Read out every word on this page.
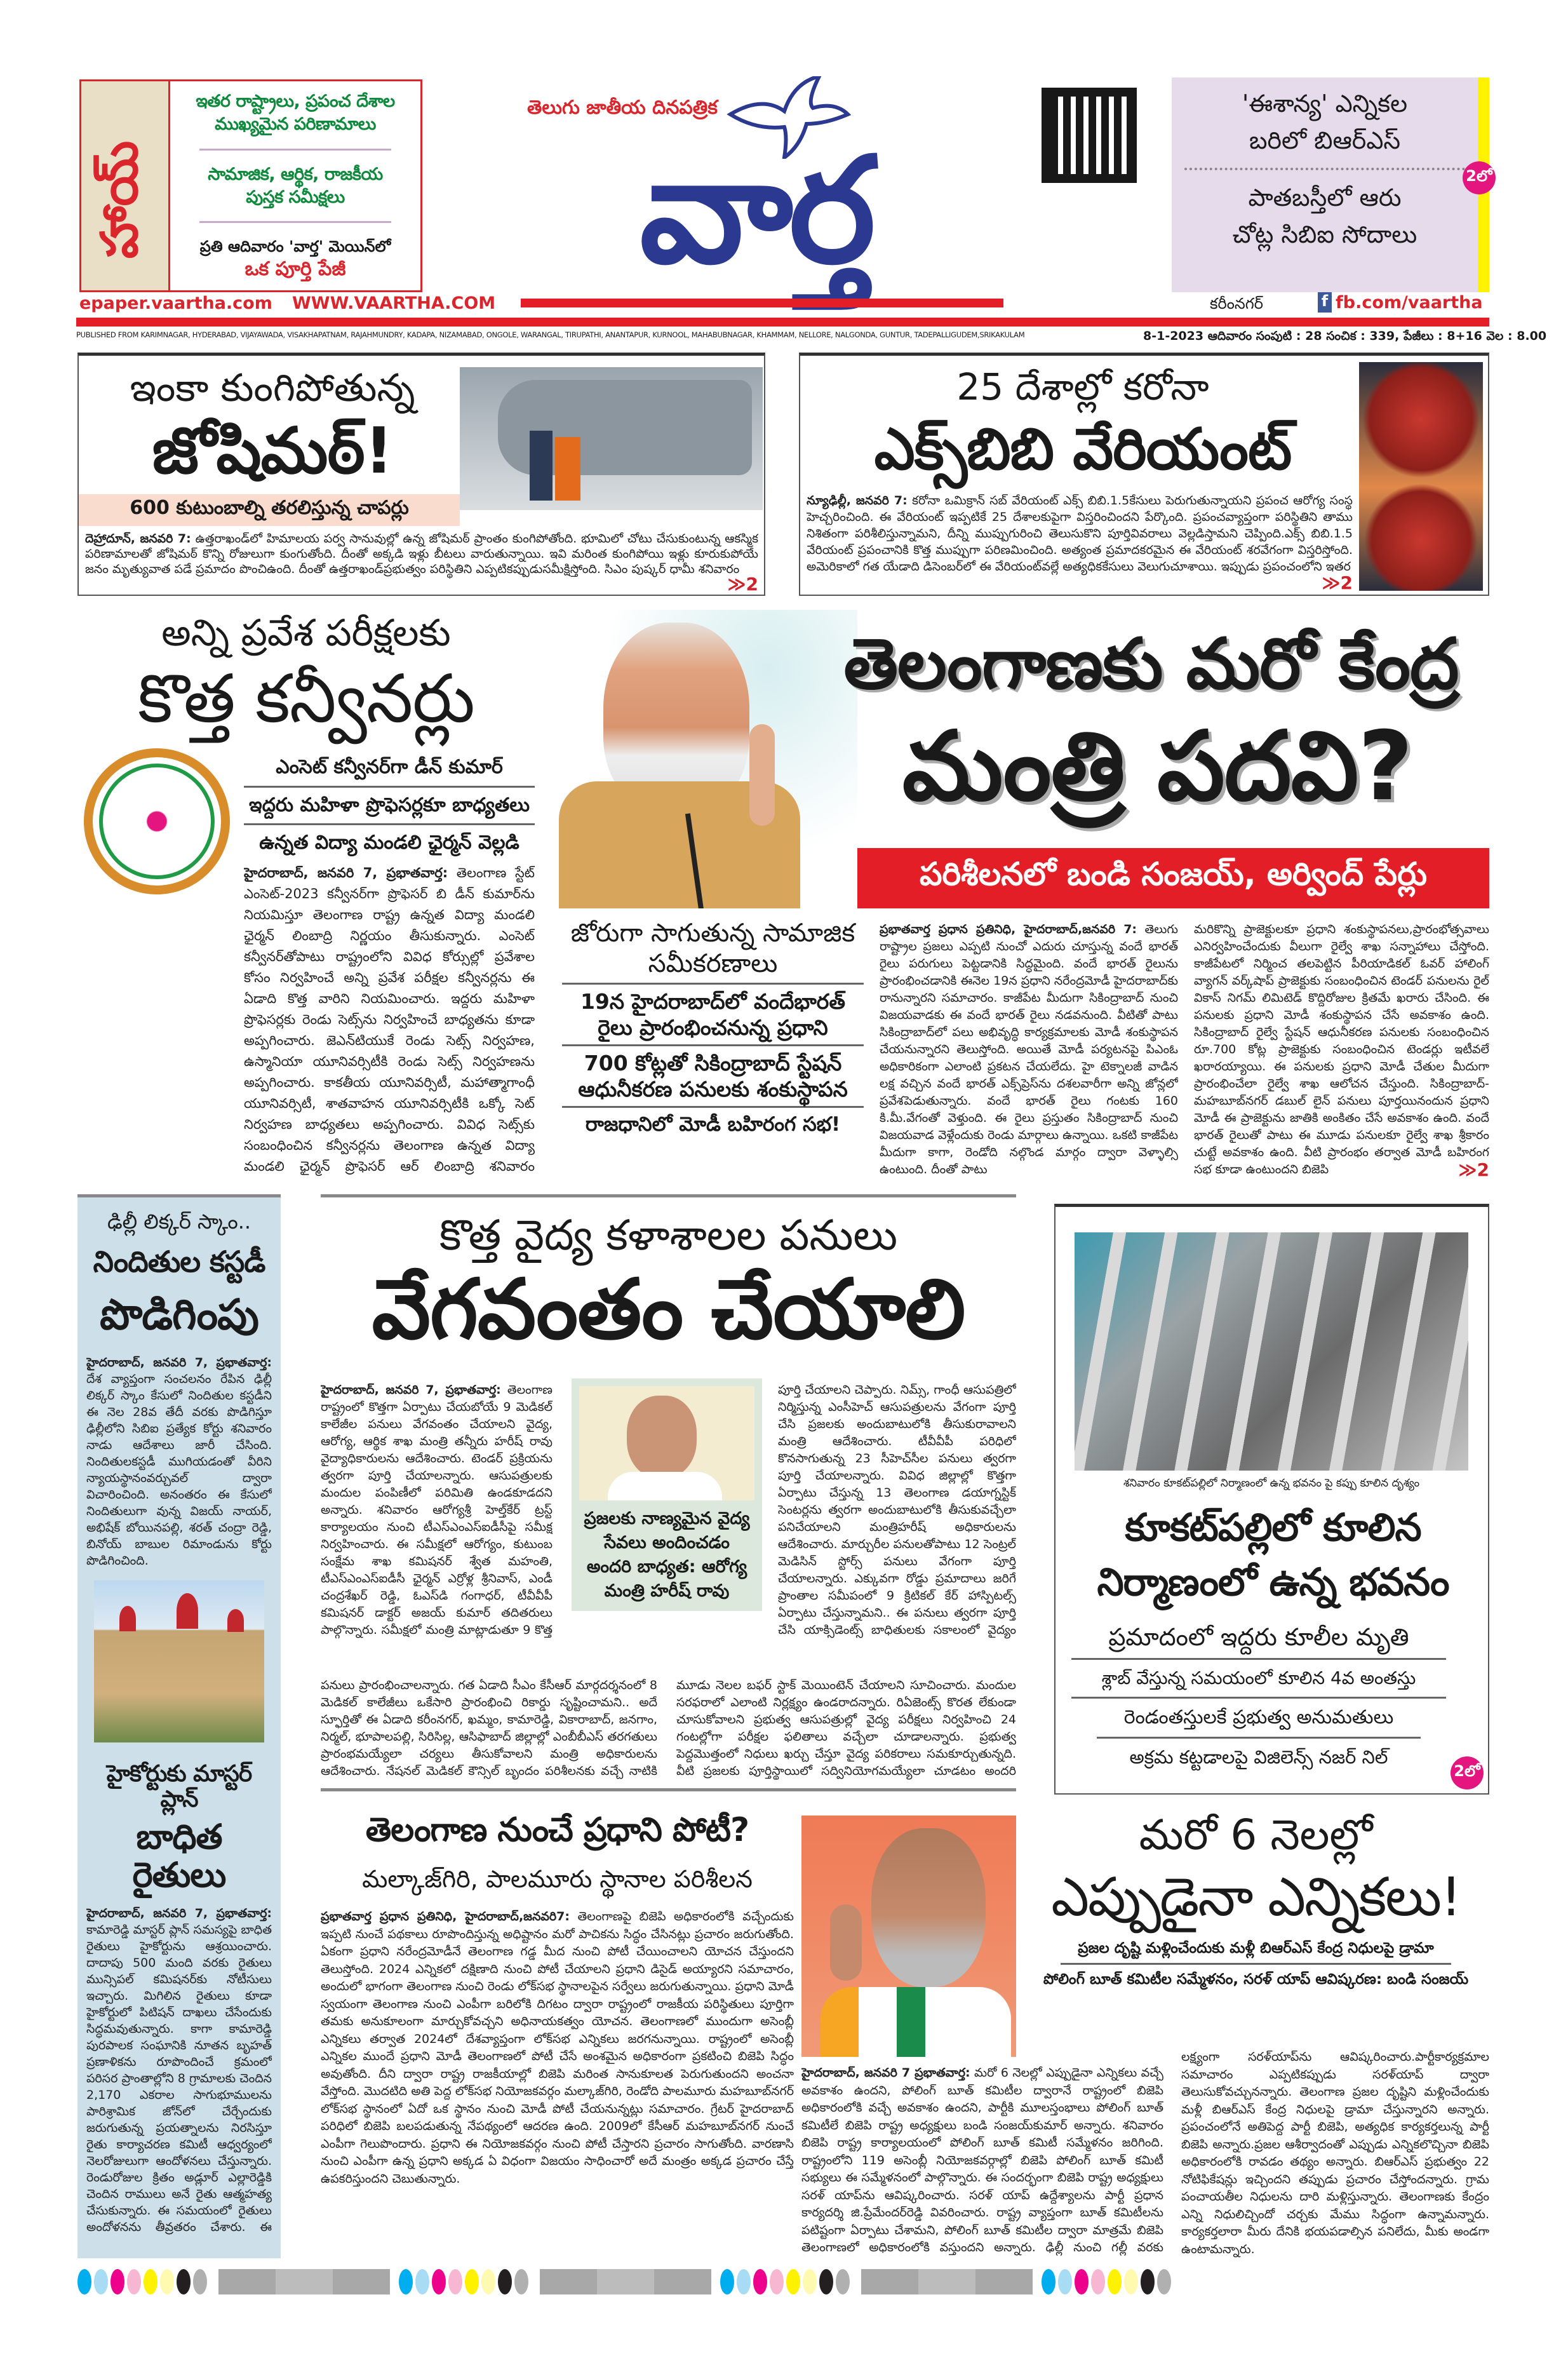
హాయ్
ఇతర రాష్ట్రాలు, ప్రపంచ దేశాల
ముఖ్యమైన పరిణామాలు
సామాజిక, ఆర్థిక, రాజకీయ
పుస్తక సమీక్షలు
ప్రతి ఆదివారం 'వార్త' మెయిన్‌లో
ఒక పూర్తి పేజీ
తెలుగు జాతీయ దినపత్రిక
వార్త
'ఈశాన్య' ఎన్నికల
బరిలో బిఆర్ఎస్
పాతబస్తీలో ఆరు
చోట్ల సిబిఐ సోదాలు
2లో
epaper.vaartha.com WWW.VAARTHA.COM	కరీంనగర్	f fb.com/vaartha
PUBLISHED FROM KARIMNAGAR, HYDERABAD, VIJAYAWADA, VISAKHAPATNAM, RAJAHMUNDRY, KADAPA, NIZAMABAD, ONGOLE, WARANGAL, TIRUPATHI, ANANTAPUR, KURNOOL, MAHABUBNAGAR, KHAMMAM, NELLORE, NALGONDA, GUNTUR, TADEPALLIGUDEM,SRIKAKULAM	8-1-2023 ఆదివారం సంపుటి : 28 సంచిక : 339, పేజీలు : 8+16 వెల : 8.00
ఇంకా కుంగిపోతున్న
జోషిమఠ్!
600 కుటుంబాల్ని తరలిస్తున్న చాపర్లు
దెహ్రాదూన్, జనవరి 7: ఉత్తరాఖండ్‌లో హిమాలయ పర్వ సానువుల్లో ఉన్న జోషిమఠ్ ప్రాంతం కుంగిపోతోంది. భూమిలో చోటు చేసుకుంటున్న ఆకస్మిక పరిణామాలతో జోషిమఠ్ కొన్ని రోజులుగా కుంగుతోంది. దీంతో అక్కడి ఇళ్లు బీటలు వారుతున్నాయి. ఇవి మరింత కుంగిపోయి ఇళ్లు కూరుకుపోయే జనం మృత్యువాత పడే ప్రమాదం పొంచిఉంది. దీంతో ఉత్తరాఖండ్‌ప్రభుత్వం పరిస్థితిని ఎప్పటికప్పుడుసమీక్షిస్తోంది. సిఎం పుష్కర్ ధామీ శనివారం
≫2
25 దేశాల్లో కరోనా
ఎక్స్‌బిబి వేరియంట్
న్యూఢిల్లీ, జనవరి 7: కరోనా ఒమిక్రాన్ సబ్ వేరియంట్ ఎక్స్ బిబి.1.5కేసులు పెరుగుతున్నాయని ప్రపంచ ఆరోగ్య సంస్థ హెచ్చరించింది. ఈ వేరియంట్ ఇప్పటికే 25 దేశాలకుపైగా విస్తరించిందని పేర్కొంది. ప్రపంచవ్యాప్తంగా పరిస్థితిని తాము నిశితంగా పరిశీలిస్తున్నామని, దీన్ని ముప్పుగురించి తెలుసుకొని పూర్తివివరాలు వెల్లడిస్తామని చెప్పింది.ఎక్స్ బిబి.1.5 వేరియంట్ ప్రపంచానికి కొత్త ముప్పుగా పరిణమించింది. అత్యంత ప్రమాదకరమైన ఈ వేరియంట్ శరవేగంగా విస్తరిస్తోంది. అమెరికాలో గత యేడాది డిసెంబర్‌లో ఈ వేరియంట్‌వల్లే అత్యధికకేసులు వెలుగుచూశాయి. ఇప్పుడు ప్రపంచంలోని ఇతర
≫2
అన్ని ప్రవేశ పరీక్షలకు
కొత్త కన్వీనర్లు
ఎంసెట్ కన్వీనర్‌గా డీన్ కుమార్
ఇద్దరు మహిళా ప్రొఫెసర్లకూ బాధ్యతలు
ఉన్నత విద్యా మండలి ఛైర్మన్ వెల్లడి
హైదరాబాద్, జనవరి 7, ప్రభాతవార్త: తెలంగాణ స్టేట్ ఎంసెట్-2023 కన్వీనర్‌గా ప్రొఫెసర్ బి డీన్ కుమార్‌ను నియమిస్తూ తెలంగాణ రాష్ట్ర ఉన్నత విద్యా మండలి ఛైర్మన్ లింబాద్రి నిర్ణయం తీసుకున్నారు. ఎంసెట్ కన్వీనర్‌తోపాటు రాష్ట్రంలోని వివిధ కోర్సుల్లో ప్రవేశాల కోసం నిర్వహించే అన్ని ప్రవేశ పరీక్షల కన్వీనర్లను ఈ ఏడాది కొత్త వారిని నియమించారు. ఇద్దరు మహిళా ప్రొఫెసర్లకు రెండు సెట్స్‌ను నిర్వహించే బాధ్యతను కూడా అప్పగించారు. జెఎన్‌టియుకే రెండు సెట్స్ నిర్వహణ, ఉస్మానియా యూనివర్సిటీకి రెండు సెట్స్ నిర్వహణను అప్పగించారు. కాకతీయ యూనివర్సిటీ, మహాత్మాగాంధీ యూనివర్సిటీ, శాతవాహన యూనివర్సిటీకి ఒక్కో సెట్ నిర్వహణ బాధ్యతలు అప్పగించారు. వివిధ సెట్స్‌కు సంబంధించిన కన్వీనర్లను తెలంగాణ ఉన్నత విద్యా మండలి ఛైర్మన్ ప్రొఫెసర్ ఆర్ లింబాద్రి శనివారం
తెలంగాణకు మరో కేంద్ర
మంత్రి పదవి?
పరిశీలనలో బండి సంజయ్, అర్వింద్ పేర్లు
జోరుగా సాగుతున్న సామాజిక సమీకరణాలు
19న హైదరాబాద్‌లో వందేభారత్ రైలు ప్రారంభించనున్న ప్రధాని
700 కోట్లతో సికింద్రాబాద్ స్టేషన్ ఆధునీకరణ పనులకు శంకుస్థాపన
రాజధానిలో మోడీ బహిరంగ సభ!
ప్రభాతవార్త ప్రధాన ప్రతినిధి, హైదరాబాద్,జనవరి 7: తెలుగు రాష్ట్రాల ప్రజలు ఎప్పటి నుంచో ఎదురు చూస్తున్న వందే భారత్ రైలు పరుగులు పెట్టడానికి సిద్ధమైంది. వందే భారత్ రైలును ప్రారంభించడానికి ఈనెల 19న ప్రధాని నరేంద్రమోడీ హైదరాబాద్‌కు రానున్నారని సమాచారం. కాజీపేట మీదుగా సికింద్రాబాద్ నుంచి విజయవాడకు ఈ వందే భారత్ రైలు నడవనుంది. వీటితో పాటు సికింద్రాబాద్‌లో పలు అభివృద్ధి కార్యక్రమాలకు మోడీ శంకుస్థాపన చేయనున్నారని తెలుస్తోంది. అయితే మోడీ పర్యటనపై పిఎంఓ అధికారికంగా ఎలాంటి ప్రకటన చేయలేదు. హై టెక్నాలజీ వాడిన లక్ష వచ్చిన వందే భారత్ ఎక్స్‌ప్రెస్‌ను దశలవారీగా అన్ని జోన్లలో ప్రవేశపెడుతున్నారు. వందే భారత్ రైలు గంటకు 160 కి.మీ.వేగంతో వెళ్తుంది. ఈ రైలు ప్రస్తుతం సికింద్రాబాద్ నుంచి విజయవాడ వెళ్లేందుకు రెండు మార్గాలు ఉన్నాయి. ఒకటి కాజీపేట మీదుగా కాగా, రెండోది నల్గొండ మార్గం ద్వారా వెళ్ళాల్సి ఉంటుంది. దీంతో పాటు
మరికొన్ని ప్రాజెక్టులకూ ప్రధాని శంకుస్థాపనలు,ప్రారంభోత్సవాలు ఎనిర్వహించేందుకు వీలుగా రైల్వే శాఖ సన్నాహాలు చేస్తోంది. కాజీపేటలో నిర్మించ తలపెట్టిన పీరియాడికల్ ఓవర్ హాలింగ్ వ్యాగన్ వర్క్‌షాప్ ప్రాజెక్టుకు సంబంధించిన టెండర్ పనులను రైల్ వికాస్ నిగమ్ లిమిటెడ్ కొద్దిరోజుల క్రితమే ఖరారు చేసింది. ఈ పనులకు ప్రధాని మోడీ శంకుస్థాపన చేసే అవకాశం ఉంది. సికింద్రాబాద్ రైల్వే స్టేషన్ ఆధునీకరణ పనులకు సంబంధించిన రూ.700 కోట్ల ప్రాజెక్టుకు సంబంధించిన టెండర్లు ఇటీవలే ఖరారయ్యాయి. ఈ పనులకు ప్రధాని మోడీ చేతుల మీదుగా ప్రారంభించేలా రైల్వే శాఖ ఆలోచన చేస్తుంది. సికింద్రాబాద్-మహబూబ్‌నగర్ డబుల్ లైన్ పనులు పూర్తయినందున ప్రధాని మోడీ ఈ ప్రాజెక్టును జాతికి అంకితం చేసే అవకాశం ఉంది. వందే భారత్ రైలుతో పాటు ఈ మూడు పనులకూ రైల్వే శాఖ శ్రీకారం చుట్టే అవకాశం ఉంది. వీటి ప్రారంభం తర్వాత మోడీ బహిరంగ సభ కూడా ఉంటుందని బిజెపి	≫2
ఢిల్లీ లిక్కర్ స్కాం..
నిందితుల కస్టడీ
పొడిగింపు
హైదరాబాద్, జనవరి 7, ప్రభాతవార్త: దేశ వ్యాప్తంగా సంచలనం రేపిన ఢిల్లీ లిక్కర్ స్కాం కేసులో నిందితుల కస్టడీని ఈ నెల 28వ తేదీ వరకు పొడిగిస్తూ ఢిల్లీలోని సిబిఐ ప్రత్యేక కోర్టు శనివారం నాడు ఆదేశాలు జారీ చేసింది. నిందితులకస్టడీ ముగియడంతో వీరిని న్యాయస్థానంవర్చువల్ ద్వారా విచారించింది. అనంతరం ఈ కేసులో నిందితులుగా వున్న విజయ్ నాయర్, అభిషేక్ బోయినపల్లి, శరత్ చంద్రా రెడ్డి, బినోయ్ బాబుల రిమాండును కోర్టు పొడిగించింది.
హైకోర్టుకు మాస్టర్ ప్లాన్
బాధిత రైతులు
హైదరాబాద్, జనవరి 7, ప్రభాతవార్త: కామారెడ్డి మాస్టర్ ప్లాన్ సమస్యపై బాధిత రైతులు హైకోర్టును ఆశ్రయించారు. దాదాపు 500 మంది వరకు రైతులు మున్సిపల్ కమిషనర్‌కు నోటీసులు ఇచ్చారు. మిగిలిన రైతులు కూడా హైకోర్టులో పిటిషన్ దాఖలు చేసేందుకు సిద్ధమవుతున్నారు. కాగా కామారెడ్డి పురపాలక సంఘానికి నూతన బృహత్ ప్రణాళికను రూపొందించే క్రమంలో పరిసర ప్రాంతాల్లోని 8 గ్రామాలకు చెందిన 2,170 ఎకరాల సాగుభూములను పారిశ్రామిక జోన్‌లో చేర్చేందుకు జరుగుతున్న ప్రయత్నాలను నిరసిస్తూ రైతు కార్యాచరణ కమిటీ ఆధ్వర్యంలో నెలరోజులుగా ఆందోళనలు చేస్తున్నారు. రెండురోజుల క్రితం అడ్లూర్ ఎల్లారెడ్డికి చెందిన రాములు అనే రైతు ఆత్మహత్య చేసుకున్నారు. ఈ సమయంలో రైతులు అందోళనను తీవ్రతరం చేశారు. ఈ
కొత్త వైద్య కళాశాలల పనులు
వేగవంతం చేయాలి
హైదరాబాద్, జనవరి 7, ప్రభాతవార్త: తెలంగాణ రాష్ట్రంలో కొత్తగా ఏర్పాటు చేయబోయే 9 మెడికల్ కాలేజీల పనులు వేగవంతం చేయాలని వైద్య, ఆరోగ్య, ఆర్థిక శాఖ మంత్రి తన్నీరు హరీష్ రావు వైద్యాధికారులను ఆదేశించారు. టెండర్ ప్రక్రియను త్వరగా పూర్తి చేయాలన్నారు. ఆసుపత్రులకు మందుల పంపిణీలో పరిమితి ఉండకూడదని అన్నారు. శనివారం ఆరోగ్యశ్రీ హెల్త్‌కేర్ ట్రస్ట్ కార్యాలయం నుంచి టీఎస్ఎంఎస్ఐడీసీపై సమీక్ష నిర్వహించారు. ఈ సమీక్షలో ఆరోగ్యం, కుటుంబ సంక్షేమ శాఖ కమిషనర్ శ్వేత మహంతి, టీఎస్ఎంఎస్ఐడీసీ ఛైర్మన్ ఎర్రోళ్ల శ్రీనివాస్, ఎండీ చంద్రశేఖర్ రెడ్డి, ఓఎస్‌డి గంగాధర్, టీవీవీపీ కమిషనర్ డాక్టర్ అజయ్ కుమార్ తదితరులు పాల్గొన్నారు. సమీక్షలో మంత్రి మాట్లాడుతూ 9 కొత్త
ప్రజలకు నాణ్యమైన వైద్య సేవలు అందించడం అందరి బాధ్యత: ఆరోగ్య మంత్రి హరీష్ రావు
పూర్తి చేయాలని చెప్పారు. నిమ్స్, గాంధీ ఆసుపత్రిలో నిర్మిస్తున్న ఎంసీహెచ్ ఆసుపత్రులను వేగంగా పూర్తి చేసి ప్రజలకు అందుబాటులోకి తీసుకురావాలని మంత్రి ఆదేశించారు. టీవీవీపీ పరిధిలో కొనసాగుతున్న 23 సీహెచ్‌సీల పనులు త్వరగా పూర్తి చేయాలన్నారు. వివిధ జిల్లాల్లో కొత్తగా ఏర్పాటు చేస్తున్న 13 తెలంగాణ డయాగ్నస్టిక్ సెంటర్లను త్వరగా అందుబాటులోకి తీసుకువచ్చేలా పనిచేయాలని మంత్రిహరీష్ అధికారులను ఆదేశించారు. మార్చురీల పనులతోపాటు 12 సెంట్రల్ మెడిసిన్ స్టోర్స్ పనులు వేగంగా పూర్తి చేయాలన్నారు. ఎక్కువగా రోడ్డు ప్రమాదాలు జరిగే ప్రాంతాల సమీపంలో 9 క్రిటికల్ కేర్ హాస్పిటల్స్ ఏర్పాటు చేస్తున్నామని.. ఈ పనులు త్వరగా పూర్తి చేసి యాక్సిడెంట్స్ బాధితులకు సకాలంలో వైద్యం
పనులు ప్రారంభించాలన్నారు. గత ఏడాది సీఎం కేసీఆర్ మార్గదర్శనంలో 8 మెడికల్ కాలేజీలు ఒకేసారి ప్రారంభించి రికార్డు సృష్టించామని.. అదే స్ఫూర్తితో ఈ ఏడాది కరీంనగర్, ఖమ్మం, కామారెడ్డి, వికారాబాద్, జనగాం, నిర్మల్, భూపాలపల్లి, సిరిసిల్ల, ఆసిఫాబాద్ జిల్లాల్లో ఎంబీబీఎస్ తరగతులు ప్రారంభమయ్యేలా చర్యలు తీసుకోవాలని మంత్రి అధికారులను ఆదేశించారు. నేషనల్ మెడికల్ కౌన్సిల్ బృందం పరిశీలనకు వచ్చే నాటికి
మూడు నెలల బఫర్ స్టాక్ మెయింటెన్ చేయాలని సూచించారు. మందుల సరఫరాలో ఎలాంటి నిర్లక్ష్యం ఉండరాదన్నారు. రిఏజెంట్స్ కొరత లేకుండా చూసుకోవాలని ప్రభుత్వ ఆసుపత్రుల్లో వైద్య పరీక్షలు నిర్వహించి 24 గంటల్లోగా పరీక్షల ఫలితాలు వచ్చేలా చూడాలన్నారు. ప్రభుత్వ పెద్దమొత్తంలో నిధులు ఖర్చు చేస్తూ వైద్య పరికరాలు సమకూర్చుతున్నది. వీటి ప్రజలకు పూర్తిస్థాయిలో సద్వినియోగమయ్యేలా చూడటం అందరి
శనివారం కూకట్‌పల్లిలో నిర్మాణంలో ఉన్న భవనం పై కప్పు కూలిన దృశ్యం
కూకట్‌పల్లిలో కూలిన
నిర్మాణంలో ఉన్న భవనం
ప్రమాదంలో ఇద్దరు కూలీల మృతి
శ్లాబ్ వేస్తున్న సమయంలో కూలిన 4వ అంతస్తు
రెండంతస్తులకే ప్రభుత్వ అనుమతులు
అక్రమ కట్టడాలపై విజిలెన్స్ నజర్ నిల్
2లో
తెలంగాణ నుంచే ప్రధాని పోటీ?
మల్కాజ్‌గిరి, పాలమూరు స్థానాల పరిశీలన
ప్రభాతవార్త ప్రధాన ప్రతినిధి, హైదరాబాద్,జనవరి7: తెలంగాణపై బిజెపి అధికారంలోకి వచ్చేందుకు ఇప్పటి నుంచే పథకాలు రూపొందిస్తున్న అధిష్టానం మరో పాచికను సిద్ధం చేసినట్లు ప్రచారం జరుగుతోంది. ఏకంగా ప్రధాని నరేంద్రమోడీనే తెలంగాణ గడ్డ మీద నుంచి పోటీ చేయించాలని యోచన చేస్తుందని తెలుస్తోంది. 2024 ఎన్నికలో దక్షిణాది నుంచి పోటీ చేయాలని ప్రధాని డిసైడ్ అయ్యారని సమాచారం, అందులో భాగంగా తెలంగాణ నుంచి రెండు లోక్‌సభ స్థానాలపైన సర్వేలు జరుగుతున్నాయి. ప్రధాని మోడీ స్వయంగా తెలంగాణ నుంచి ఎంపీగా బరిలోకి దిగటం ద్వారా రాష్ట్రంలో రాజకీయ పరిస్థితులు పూర్తిగా తమకు అనుకూలంగా మార్చుకోవచ్చని అధినాయకత్వం యోచన. తెలంగాణలో ముందుగా అసెంబ్లీ ఎన్నికలు తర్వాత 2024లో దేశవ్యాప్తంగా లోక్‌సభ ఎన్నికలు జరగనున్నాయి. రాష్ట్రంలో అసెంబ్లీ ఎన్నికల ముందే ప్రధాని మోడీ తెలంగాణలో పోటీ చేసే అంశమైన అధికారంగా ప్రకటించి బిజెపి సిద్ధం అవుతోంది. దీని ద్వారా రాష్ట్ర రాజకీయాల్లో బిజెపి మరింత సానుకూలత పెరుగుతుందని అంచనా వేస్తోంది. మొదటిది అతి పెద్ద లోక్‌సభ నియోజకవర్గం మల్కాజ్‌గిరి, రెండోది పాలమూరు మహబూబ్‌నగర్ లోక్‌సభ స్థానంలో ఏదో ఒక స్థానం నుంచి మోడీ పోటీ చేయనున్నట్లు సమాచారం. గ్రేటర్ హైదరాబాద్ పరిధిలో బిజెపి బలపడుతున్న నేపథ్యంలో ఆదరణ ఉంది. 2009లో కేసీఆర్ మహబూబ్‌నగర్ నుంచే ఎంపీగా గెలుపొందారు. ప్రధాని ఈ నియోజకవర్గం నుంచి పోటీ చేస్తారని ప్రచారం సాగుతోంది. వారణాసి నుంచి ఎంపీగా ఉన్న ప్రధాని అక్కడ ఏ విధంగా విజయం సాధించారో అదే మంత్రం అక్కడ ప్రచారం చేస్తే ఉపకరిస్తుందని చెబుతున్నారు.
మరో 6 నెలల్లో
ఎప్పుడైనా ఎన్నికలు!
ప్రజల దృష్టి మళ్లించేందుకు మళ్లీ బిఆర్ఎస్ కేంద్ర నిధులపై డ్రామా
పోలింగ్ బూత్ కమిటీల సమ్మేళనం, సరళ్ యాప్ ఆవిష్కరణ: బండి సంజయ్
హైదరాబాద్, జనవరి 7 ప్రభాతవార్త: మరో 6 నెలల్లో ఎప్పుడైనా ఎన్నికలు వచ్చే అవకాశం ఉందని, పోలింగ్ బూత్ కమిటీల ద్వారానే రాష్ట్రంలో బిజెపి అధికారంలోకి వచ్చే అవకాశం ఉందని, పార్టీకి మూలస్తంభాలు పోలింగ్ బూత్ కమిటీలే బిజెపి రాష్ట్ర అధ్యక్షులు బండి సంజయ్‌కుమార్ అన్నారు. శనివారం బిజెపి రాష్ట్ర కార్యాలయంలో పోలింగ్ బూత్ కమిటీ సమ్మేళనం జరిగింది. రాష్ట్రంలోని 119 అసెంబ్లీ నియోజకవర్గాల్లో బిజెపి పోలింగ్ బూత్ కమిటీ సభ్యులు ఈ సమ్మేళనంలో పాల్గొన్నారు. ఈ సందర్భంగా బిజెపి రాష్ట్ర అధ్యక్షులు సరళ్ యాప్‌ను ఆవిష్కరించారు. సరళ్ యాప్ ఉద్దేశ్యాలను పార్టీ ప్రధాన కార్యదర్శి జి.ప్రేమేందర్‌రెడ్డి వివరించారు. రాష్ట్ర వ్యాప్తంగా బూత్ కమిటీలను పటిష్టంగా ఏర్పాటు చేశామని, పోలింగ్ బూత్ కమిటీల ద్వారా మాత్రమే బిజెపి తెలంగాణలో అధికారంలోకి వస్తుందని అన్నారు. ఢిల్లీ నుంచి గల్లీ వరకు
లక్ష్యంగా సరళ్‌యాప్‌ను ఆవిష్కరించారు.పార్టీకార్యక్రమాల సమాచారం ఎప్పటికప్పుడు సరళ్‌యాప్ ద్వారా తెలుసుకోవచ్చునన్నారు. తెలంగాణ ప్రజల దృష్టిని మళ్లించేందుకు మళ్లీ బిఆర్ఎస్ కేంద్ర నిధులపై డ్రామా చేస్తున్నారని అన్నారు. ప్రపంచంలోనే అతిపెద్ద పార్టీ బిజెపి, అత్యధిక కార్యకర్తలున్న పార్టీ బిజెపి అన్నారు.ప్రజల ఆశీర్వాదంతో ఎప్పుడు ఎన్నికలొచ్చినా బిజెపి అధికారంలోకి రావడం తథ్యం అన్నారు. బిఆర్ఎస్ ప్రభుత్వం 22 నోటిఫికేషన్లు ఇచ్చిందని తప్పుడు ప్రచారం చేస్తోందన్నారు. గ్రామ పంచాయతీల నిధులను దారి మళ్లిస్తున్నారు. తెలంగాణకు కేంద్రం ఎన్ని నిధులిచ్చిందో చర్చకు మేము సిద్ధంగా ఉన్నామన్నారు. కార్యకర్తలారా మీరు దేనికి భయపడాల్సిన పనిలేదు, మీకు అండగా ఉంటామన్నారు.
